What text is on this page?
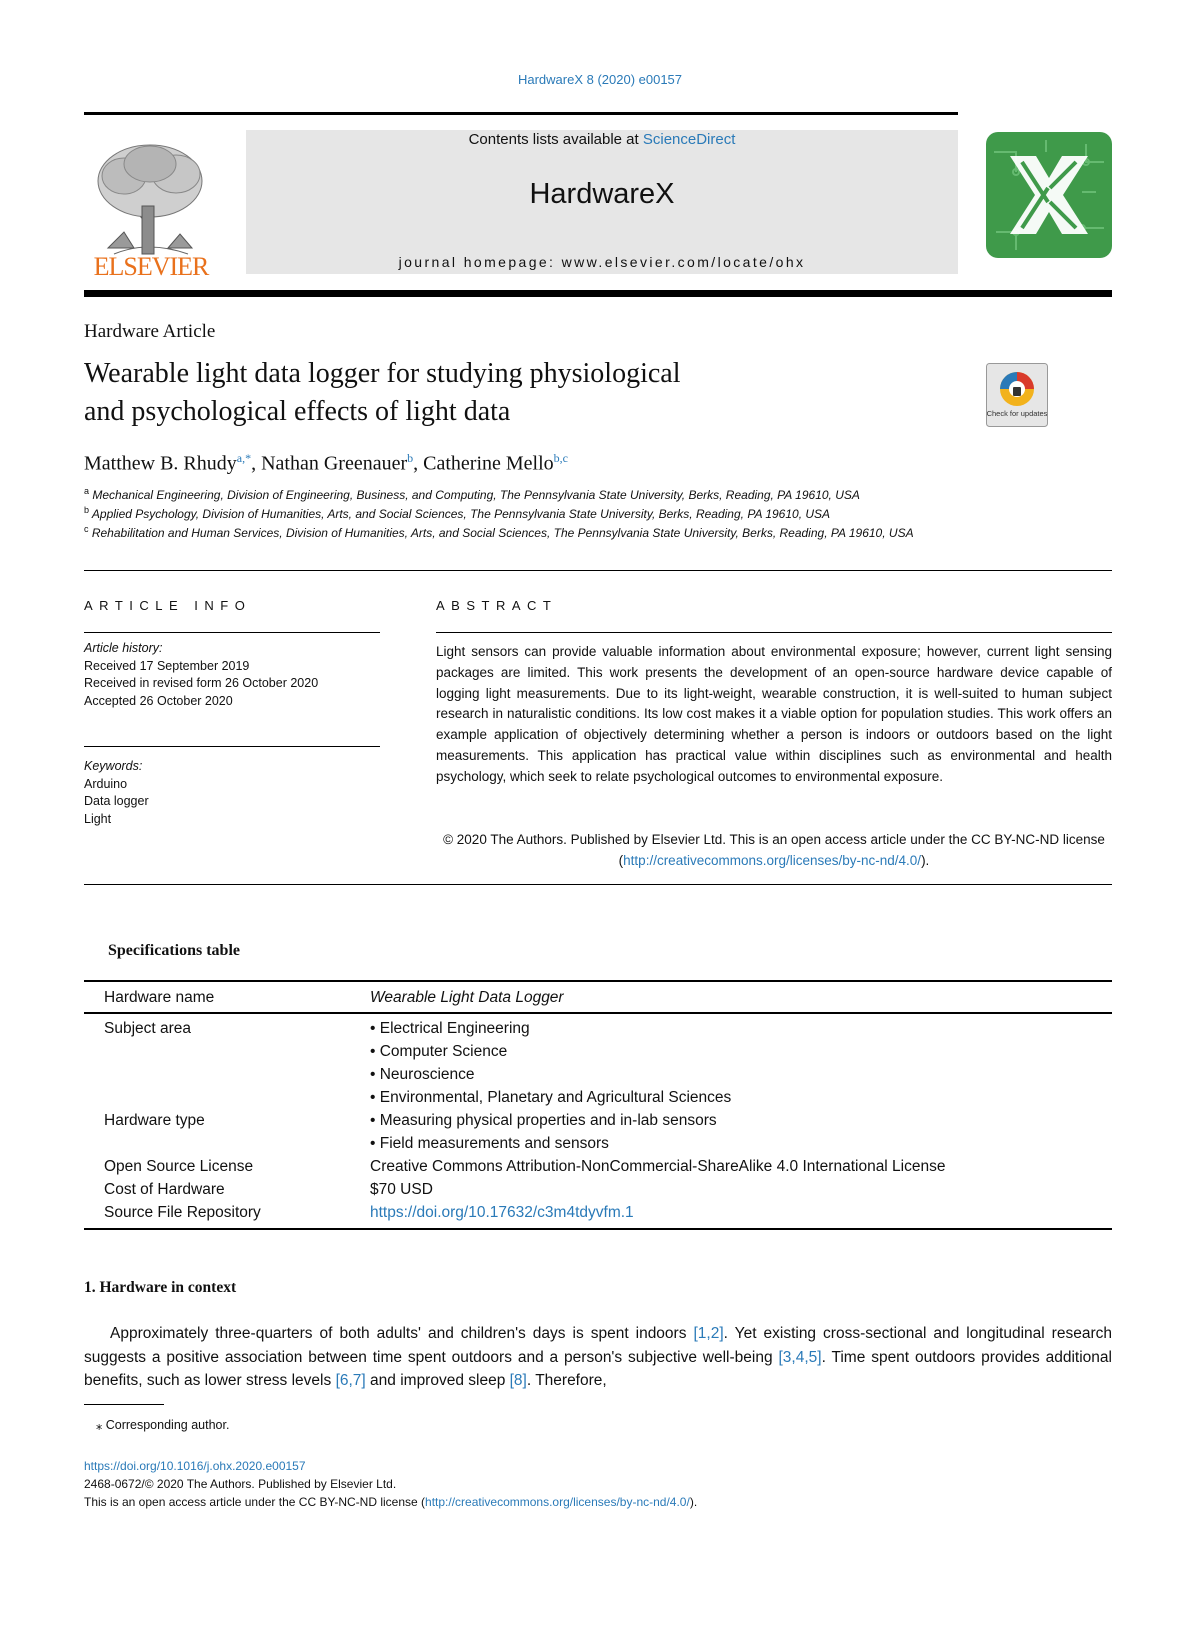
HardwareX 8 (2020) e00157
ELSEVIER
Contents lists available at ScienceDirect
HardwareX
journal homepage: www.elsevier.com/locate/ohx
Hardware Article
Wearable light data logger for studying physiological
and psychological effects of light data	Check for updates
Matthew B. Rhudy$^{a,*}$, Nathan Greenauer$^b$, Catherine Mello$^{b,c}$
$^a$ Mechanical Engineering, Division of Engineering, Business, and Computing, The Pennsylvania State University, Berks, Reading, PA 19610, USA
$^b$ Applied Psychology, Division of Humanities, Arts, and Social Sciences, The Pennsylvania State University, Berks, Reading, PA 19610, USA
$^c$ Rehabilitation and Human Services, Division of Humanities, Arts, and Social Sciences, The Pennsylvania State University, Berks, Reading, PA 19610, USA
ARTICLE INFO
Article history:
Received 17 September 2019
Received in revised form 26 October 2020
Accepted 26 October 2020
Keywords:
Arduino
Data logger
Light
ABSTRACT
Light sensors can provide valuable information about environmental exposure; however, current light sensing packages are limited. This work presents the development of an open-source hardware device capable of logging light measurements. Due to its light-weight, wearable construction, it is well-suited to human subject research in naturalistic conditions. Its low cost makes it a viable option for population studies. This work offers an example application of objectively determining whether a person is indoors or outdoors based on the light measurements. This application has practical value within disciplines such as environmental and health psychology, which seek to relate psychological outcomes to environmental exposure.
© 2020 The Authors. Published by Elsevier Ltd. This is an open access article under the CC BY-NC-ND license (http://creativecommons.org/licenses/by-nc-nd/4.0/).
Specifications table
Hardware name	Wearable Light Data Logger
Subject area	• Electrical Engineering
• Computer Science
• Neuroscience
• Environmental, Planetary and Agricultural Sciences
Hardware type	• Measuring physical properties and in-lab sensors
• Field measurements and sensors
Open Source License	Creative Commons Attribution-NonCommercial-ShareAlike 4.0 International License
Cost of Hardware	$70 USD
Source File Repository	https://doi.org/10.17632/c3m4tdyvfm.1
1. Hardware in context
Approximately three-quarters of both adults' and children's days is spent indoors [1,2]. Yet existing cross-sectional and longitudinal research suggests a positive association between time spent outdoors and a person's subjective well-being [3,4,5]. Time spent outdoors provides additional benefits, such as lower stress levels [6,7] and improved sleep [8]. Therefore,
⁎ Corresponding author.
https://doi.org/10.1016/j.ohx.2020.e00157
2468-0672/© 2020 The Authors. Published by Elsevier Ltd.
This is an open access article under the CC BY-NC-ND license (http://creativecommons.org/licenses/by-nc-nd/4.0/).
